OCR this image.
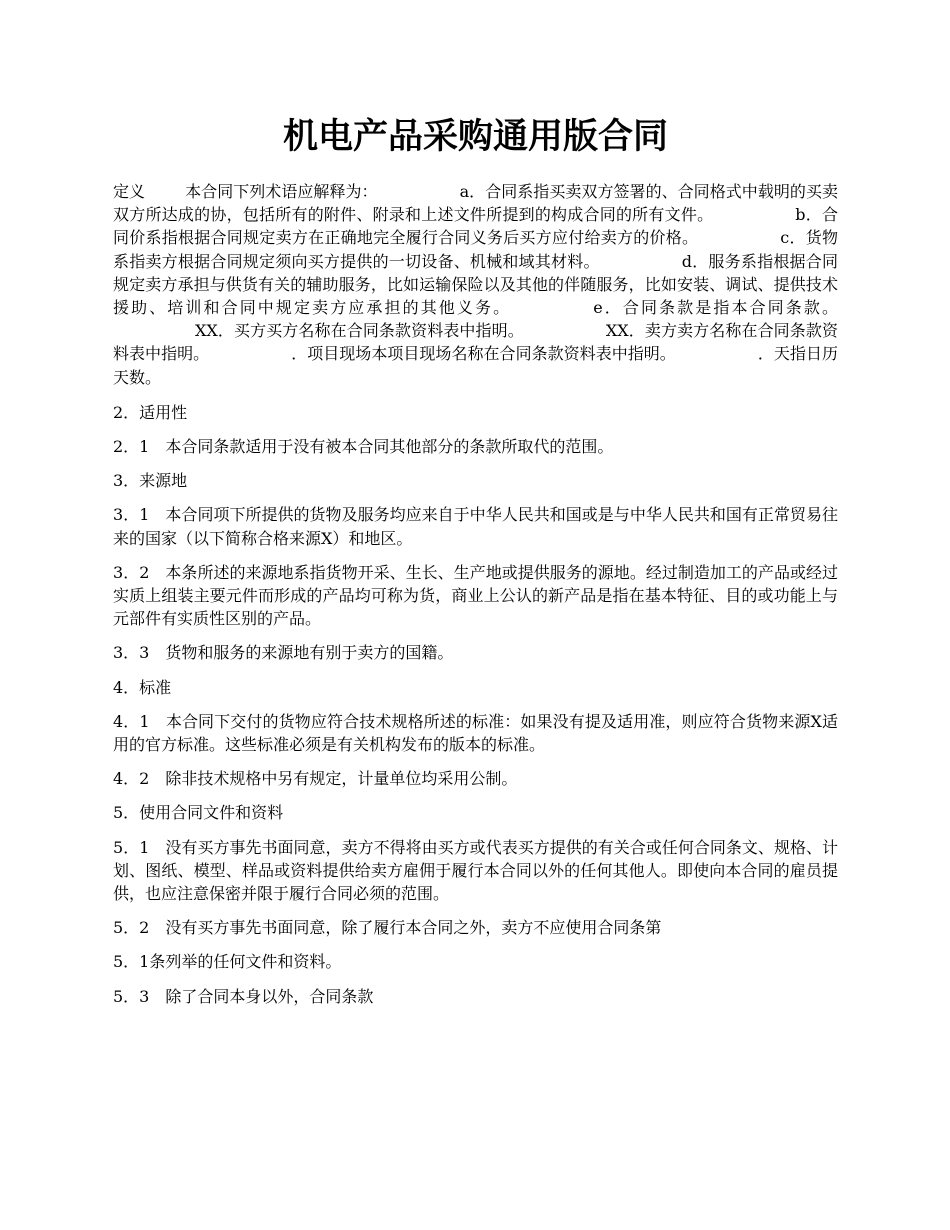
机电产品采购通用版合同

定义	本合同下列术语应解释为：	a．合同系指买卖双方签署的、合同格式中载明的买卖双方所达成的协，包括所有的附件、附录和上述文件所提到的构成合同的所有文件。	b．合同价系指根据合同规定卖方在正确地完全履行合同义务后买方应付给卖方的价格。	c．货物系指卖方根据合同规定须向买方提供的一切设备、机械和域其材料。	d．服务系指根据合同规定卖方承担与供货有关的辅助服务，比如运输保险以及其他的伴随服务，比如安装、调试、提供技术援助、培训和合同中规定卖方应承担的其他义务。	e．合同条款是指本合同条款。XX．买方买方名称在合同条款资料表中指明。	XX．卖方卖方名称在合同条款资料表中指明。	．项目现场本项目现场名称在合同条款资料表中指明。	．天指日历天数。

2．适用性

2．1　本合同条款适用于没有被本合同其他部分的条款所取代的范围。

3．来源地

3．1　本合同项下所提供的货物及服务均应来自于中华人民共和国或是与中华人民共和国有正常贸易往来的国家（以下简称合格来源X）和地区。

3．2　本条所述的来源地系指货物开采、生长、生产地或提供服务的源地。经过制造加工的产品或经过实质上组装主要元件而形成的产品均可称为货，商业上公认的新产品是指在基本特征、目的或功能上与元部件有实质性区别的产品。

3．3　货物和服务的来源地有别于卖方的国籍。

4．标准

4．1　本合同下交付的货物应符合技术规格所述的标准：如果没有提及适用准，则应符合货物来源X适用的官方标准。这些标准必须是有关机构发布的版本的标准。

4．2　除非技术规格中另有规定，计量单位均采用公制。

5．使用合同文件和资料

5．1　没有买方事先书面同意，卖方不得将由买方或代表买方提供的有关合或任何合同条文、规格、计划、图纸、模型、样品或资料提供给卖方雇佣于履行本合同以外的任何其他人。即使向本合同的雇员提供，也应注意保密并限于履行合同必须的范围。

5．2　没有买方事先书面同意，除了履行本合同之外，卖方不应使用合同条第

5．1条列举的任何文件和资料。

5．3　除了合同本身以外，合同条款
